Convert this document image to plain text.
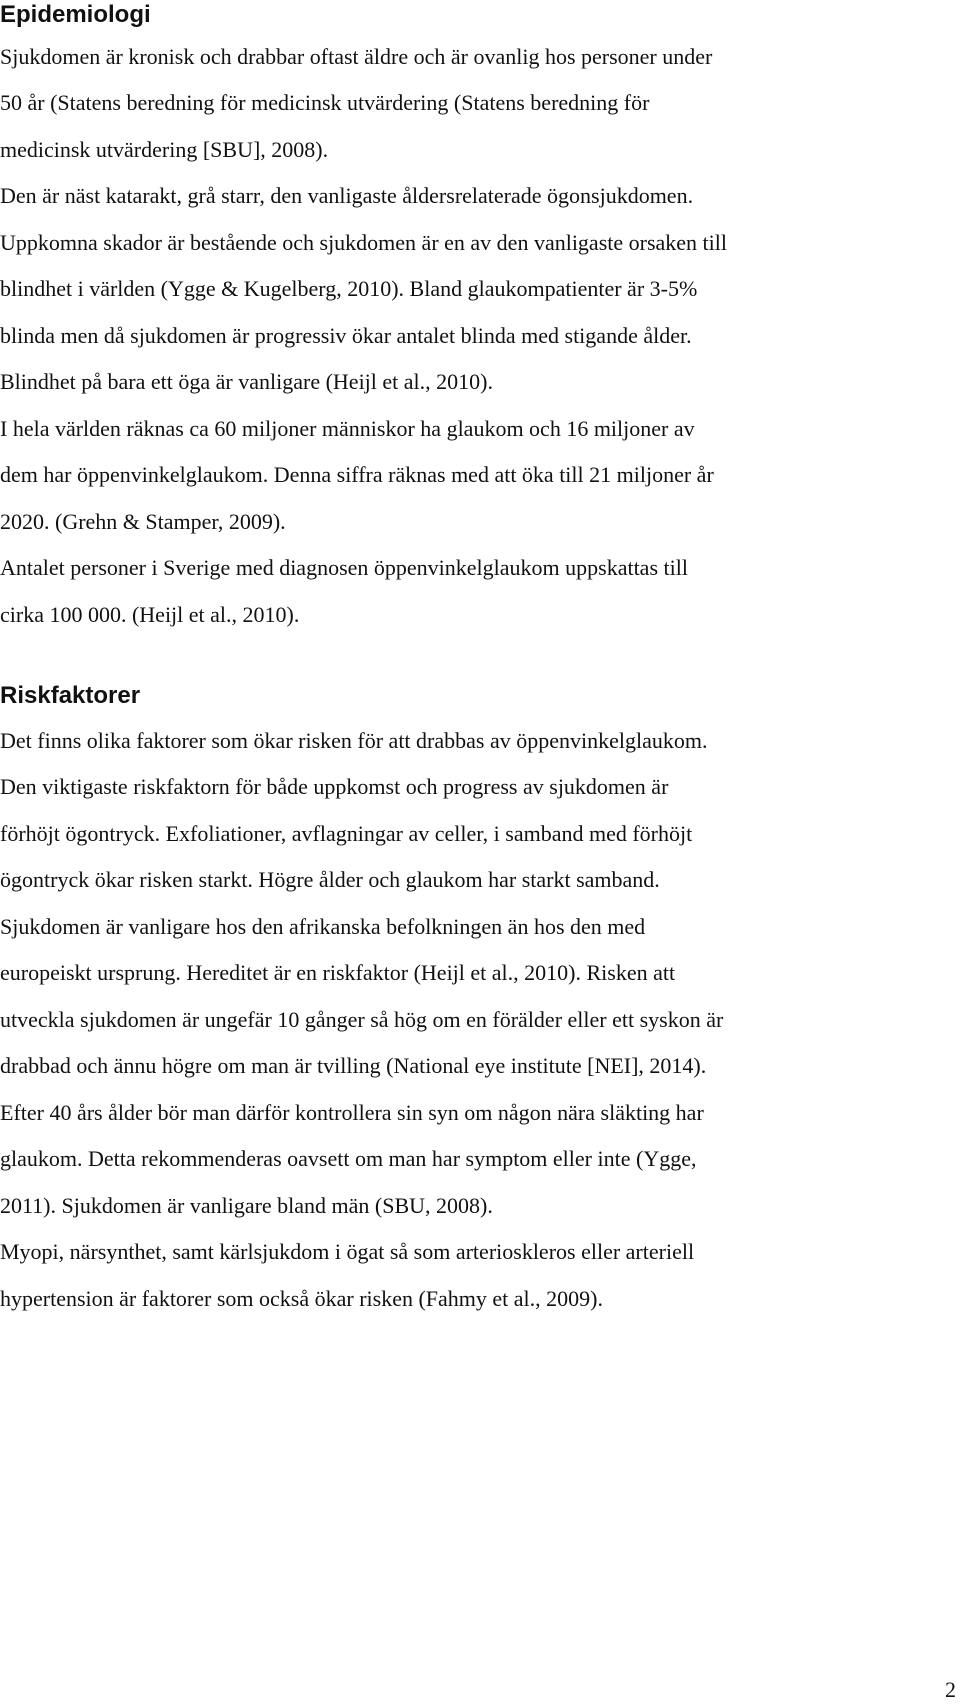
Epidemiologi

Sjukdomen är kronisk och drabbar oftast äldre och är ovanlig hos personer under

50 år (Statens beredning för medicinsk utvärdering (Statens beredning för

medicinsk utvärdering [SBU], 2008).

Den är näst katarakt, grå starr, den vanligaste åldersrelaterade ögonsjukdomen.

Uppkomna skador är bestående och sjukdomen är en av den vanligaste orsaken till

blindhet i världen (Ygge & Kugelberg, 2010). Bland glaukompatienter är 3-5%

blinda men då sjukdomen är progressiv ökar antalet blinda med stigande ålder.

Blindhet på bara ett öga är vanligare (Heijl et al., 2010).

I hela världen räknas ca 60 miljoner människor ha glaukom och 16 miljoner av

dem har öppenvinkelglaukom. Denna siffra räknas med att öka till 21 miljoner år

2020. (Grehn & Stamper, 2009).

Antalet personer i Sverige med diagnosen öppenvinkelglaukom uppskattas till

cirka 100 000. (Heijl et al., 2010).

Riskfaktorer

Det finns olika faktorer som ökar risken för att drabbas av öppenvinkelglaukom.

Den viktigaste riskfaktorn för både uppkomst och progress av sjukdomen är

förhöjt ögontryck. Exfoliationer, avflagningar av celler, i samband med förhöjt

ögontryck ökar risken starkt. Högre ålder och glaukom har starkt samband.

Sjukdomen är vanligare hos den afrikanska befolkningen än hos den med

europeiskt ursprung. Hereditet är en riskfaktor (Heijl et al., 2010). Risken att

utveckla sjukdomen är ungefär 10 gånger så hög om en förälder eller ett syskon är

drabbad och ännu högre om man är tvilling (National eye institute [NEI], 2014).

Efter 40 års ålder bör man därför kontrollera sin syn om någon nära släkting har

glaukom. Detta rekommenderas oavsett om man har symptom eller inte (Ygge,

2011). Sjukdomen är vanligare bland män (SBU, 2008).

Myopi, närsynthet, samt kärlsjukdom i ögat så som arterioskleros eller arteriell

hypertension är faktorer som också ökar risken (Fahmy et al., 2009).

2
